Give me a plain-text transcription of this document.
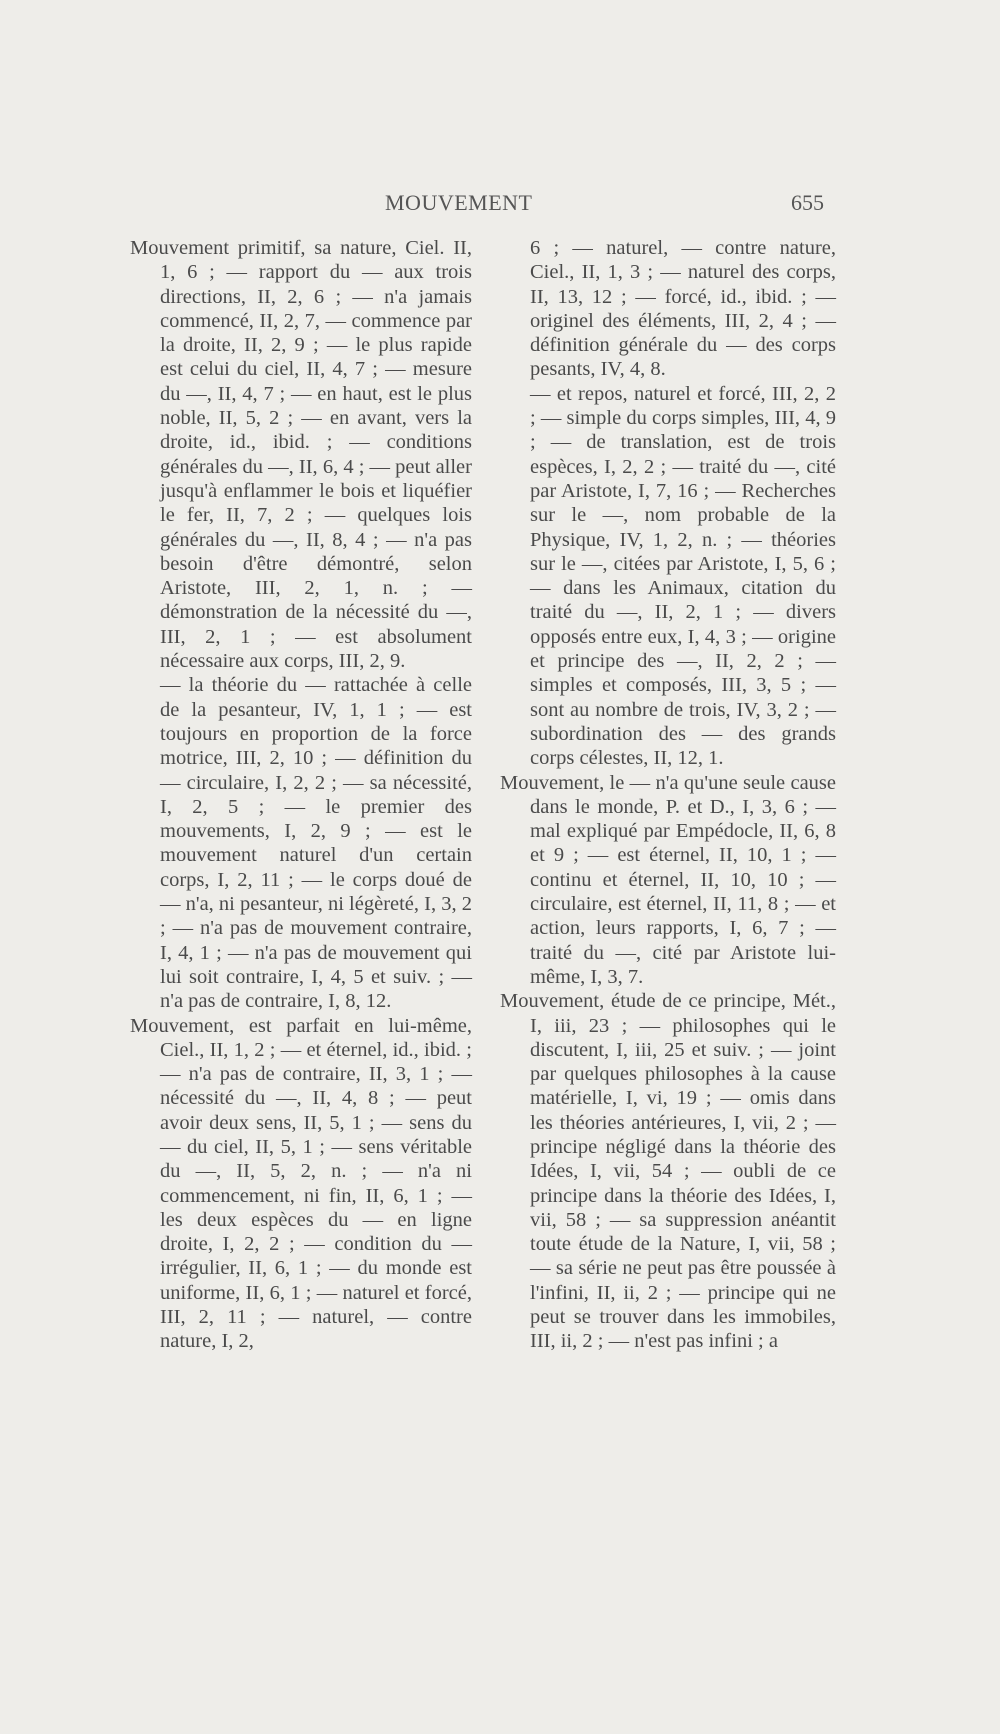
MOUVEMENT	655

Mouvement primitif, sa nature, Ciel. II, 1, 6 ; — rapport du — aux trois directions, II, 2, 6 ; — n'a jamais commencé, II, 2, 7, — commence par la droite, II, 2, 9 ; — le plus rapide est celui du ciel, II, 4, 7 ; — mesure du —, II, 4, 7 ; — en haut, est le plus noble, II, 5, 2 ; — en avant, vers la droite, id., ibid. ; — conditions générales du —, II, 6, 4 ; — peut aller jusqu'à enflammer le bois et liquéfier le fer, II, 7, 2 ; — quelques lois générales du —, II, 8, 4 ; — n'a pas besoin d'être démontré, selon Aristote, III, 2, 1, n. ; — démonstration de la nécessité du —, III, 2, 1 ; — est absolument nécessaire aux corps, III, 2, 9.

— la théorie du — rattachée à celle de la pesanteur, IV, 1, 1 ; — est toujours en proportion de la force motrice, III, 2, 10 ; — définition du — circulaire, I, 2, 2 ; — sa nécessité, I, 2, 5 ; — le premier des mouvements, I, 2, 9 ; — est le mouvement naturel d'un certain corps, I, 2, 11 ; — le corps doué de — n'a, ni pesanteur, ni légèreté, I, 3, 2 ; — n'a pas de mouvement contraire, I, 4, 1 ; — n'a pas de mouvement qui lui soit contraire, I, 4, 5 et suiv. ; — n'a pas de contraire, I, 8, 12.

Mouvement, est parfait en lui-même, Ciel., II, 1, 2 ; — et éternel, id., ibid. ; — n'a pas de contraire, II, 3, 1 ; — nécessité du —, II, 4, 8 ; — peut avoir deux sens, II, 5, 1 ; — sens du — du ciel, II, 5, 1 ; — sens véritable du —, II, 5, 2, n. ; — n'a ni commencement, ni fin, II, 6, 1 ; — les deux espèces du — en ligne droite, I, 2, 2 ; — condition du — irrégulier, II, 6, 1 ; — du monde est uniforme, II, 6, 1 ; — naturel et forcé, III, 2, 11 ; — naturel, — contre nature, I, 2,

6 ; — naturel, — contre nature, Ciel., II, 1, 3 ; — naturel des corps, II, 13, 12 ; — forcé, id., ibid. ; — originel des éléments, III, 2, 4 ; — définition générale du — des corps pesants, IV, 4, 8.

— et repos, naturel et forcé, III, 2, 2 ; — simple du corps simples, III, 4, 9 ; — de translation, est de trois espèces, I, 2, 2 ; — traité du —, cité par Aristote, I, 7, 16 ; — Recherches sur le —, nom probable de la Physique, IV, 1, 2, n. ; — théories sur le —, citées par Aristote, I, 5, 6 ; — dans les Animaux, citation du traité du —, II, 2, 1 ; — divers opposés entre eux, I, 4, 3 ; — origine et principe des —, II, 2, 2 ; — simples et composés, III, 3, 5 ; — sont au nombre de trois, IV, 3, 2 ; — subordination des — des grands corps célestes, II, 12, 1.

Mouvement, le — n'a qu'une seule cause dans le monde, P. et D., I, 3, 6 ; — mal expliqué par Empédocle, II, 6, 8 et 9 ; — est éternel, II, 10, 1 ; — continu et éternel, II, 10, 10 ; — circulaire, est éternel, II, 11, 8 ; — et action, leurs rapports, I, 6, 7 ; — traité du —, cité par Aristote lui-même, I, 3, 7.

Mouvement, étude de ce principe, Mét., I, iii, 23 ; — philosophes qui le discutent, I, iii, 25 et suiv. ; — joint par quelques philosophes à la cause matérielle, I, vi, 19 ; — omis dans les théories antérieures, I, vii, 2 ; — principe négligé dans la théorie des Idées, I, vii, 54 ; — oubli de ce principe dans la théorie des Idées, I, vii, 58 ; — sa suppression anéantit toute étude de la Nature, I, vii, 58 ; — sa série ne peut pas être poussée à l'infini, II, ii, 2 ; — principe qui ne peut se trouver dans les immobiles, III, ii, 2 ; — n'est pas infini ; a
